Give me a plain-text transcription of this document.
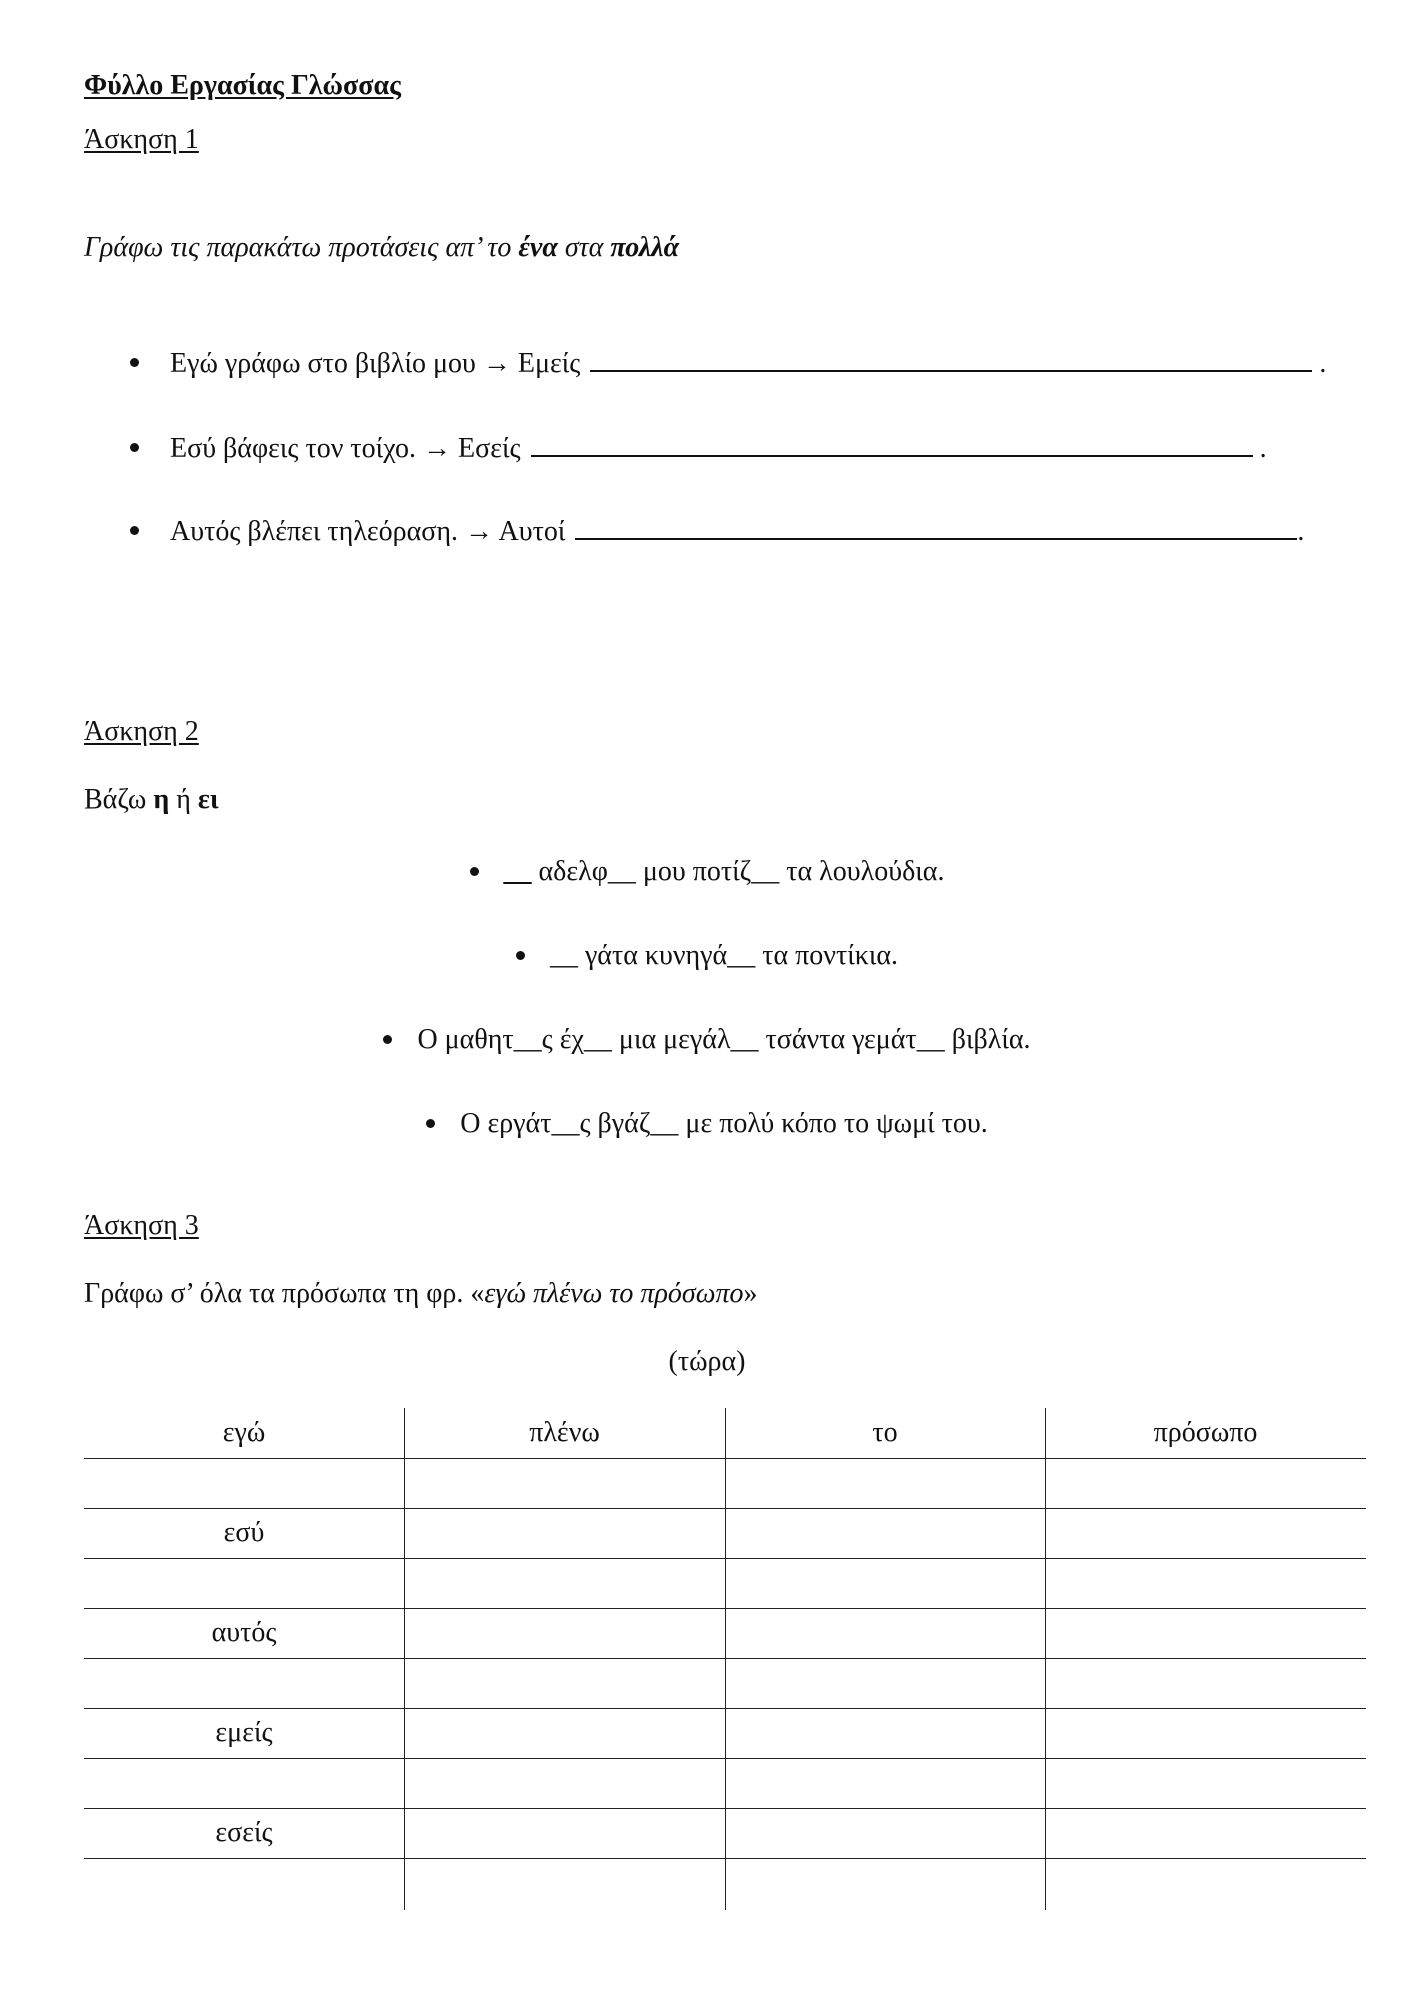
Φύλλο Εργασίας Γλώσσας
Άσκηση 1
Γράφω τις παρακάτω προτάσεις απ’ το ένα στα πολλά
Εγώ γράφω στο βιβλίο μου → Εμείς	.
Εσύ βάφεις τον τοίχο. → Εσείς	.
Αυτός βλέπει τηλεόραση. → Αυτοί	.
Άσκηση 2
Βάζω η ή ει
__ αδελφ__ μου ποτίζ__ τα λουλούδια.
__ γάτα κυνηγά__ τα ποντίκια.
Ο μαθητ__ς έχ__ μια μεγάλ__ τσάντα γεμάτ__ βιβλία.
Ο εργάτ__ς βγάζ__ με πολύ κόπο το ψωμί του.
Άσκηση 3
Γράφω σ’ όλα τα πρόσωπα τη φρ. «εγώ πλένω το πρόσωπο»
(τώρα)
εγώ	πλένω	το	πρόσωπο
εσύ
αυτός
εμείς
εσείς
